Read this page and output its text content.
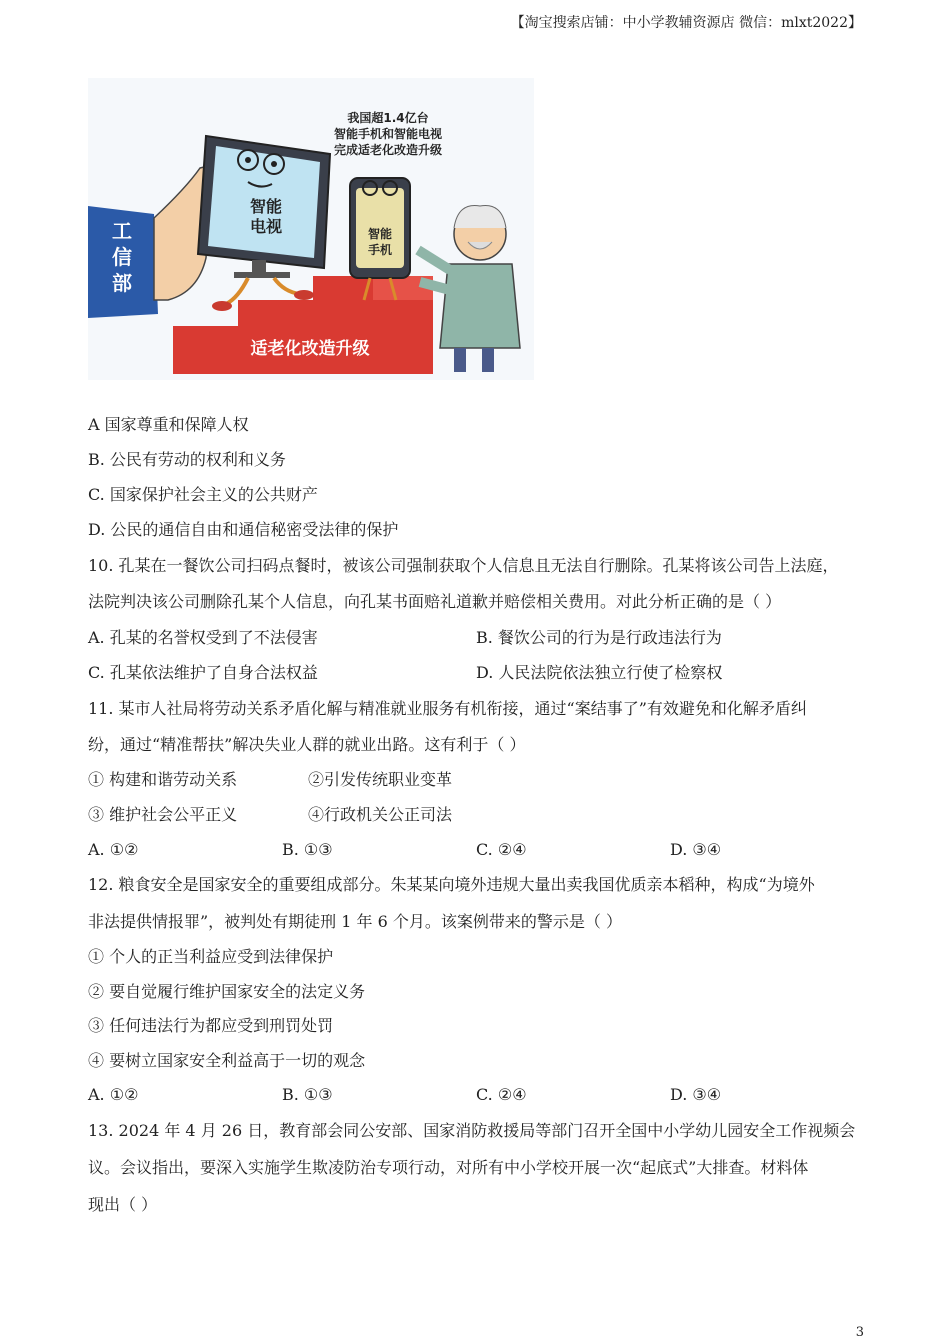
【淘宝搜索店铺：中小学教辅资源店 微信：mlxt2022】
我国超1.4亿台
智能手机和智能电视
完成适老化改造升级
适老化改造升级
工
信
部
智能
电视	智能
手机
A 国家尊重和保障人权
B. 公民有劳动的权利和义务
C. 国家保护社会主义的公共财产
D. 公民的通信自由和通信秘密受法律的保护
10. 孔某在一餐饮公司扫码点餐时，被该公司强制获取个人信息且无法自行删除。孔某将该公司告上法庭，
法院判决该公司删除孔某个人信息，向孔某书面赔礼道歉并赔偿相关费用。对此分析正确的是（ ）
A. 孔某的名誉权受到了不法侵害	B. 餐饮公司的行为是行政违法行为
C. 孔某依法维护了自身合法权益	D. 人民法院依法独立行使了检察权
11. 某市人社局将劳动关系矛盾化解与精准就业服务有机衔接，通过“案结事了”有效避免和化解矛盾纠
纷，通过“精准帮扶”解决失业人群的就业出路。这有利于（ ）
① 构建和谐劳动关系	②引发传统职业变革
③ 维护社会公平正义	④行政机关公正司法
A. ①②	B. ①③	C. ②④	D. ③④
12. 粮食安全是国家安全的重要组成部分。朱某某向境外违规大量出卖我国优质亲本稻种，构成“为境外
非法提供情报罪”，被判处有期徒刑 1 年 6 个月。该案例带来的警示是（ ）
① 个人的正当利益应受到法律保护
② 要自觉履行维护国家安全的法定义务
③ 任何违法行为都应受到刑罚处罚
④ 要树立国家安全利益高于一切的观念
A. ①②	B. ①③	C. ②④	D. ③④
13. 2024 年 4 月 26 日，教育部会同公安部、国家消防救援局等部门召开全国中小学幼儿园安全工作视频会
议。会议指出，要深入实施学生欺凌防治专项行动，对所有中小学校开展一次“起底式”大排查。材料体
现出（ ）
3
